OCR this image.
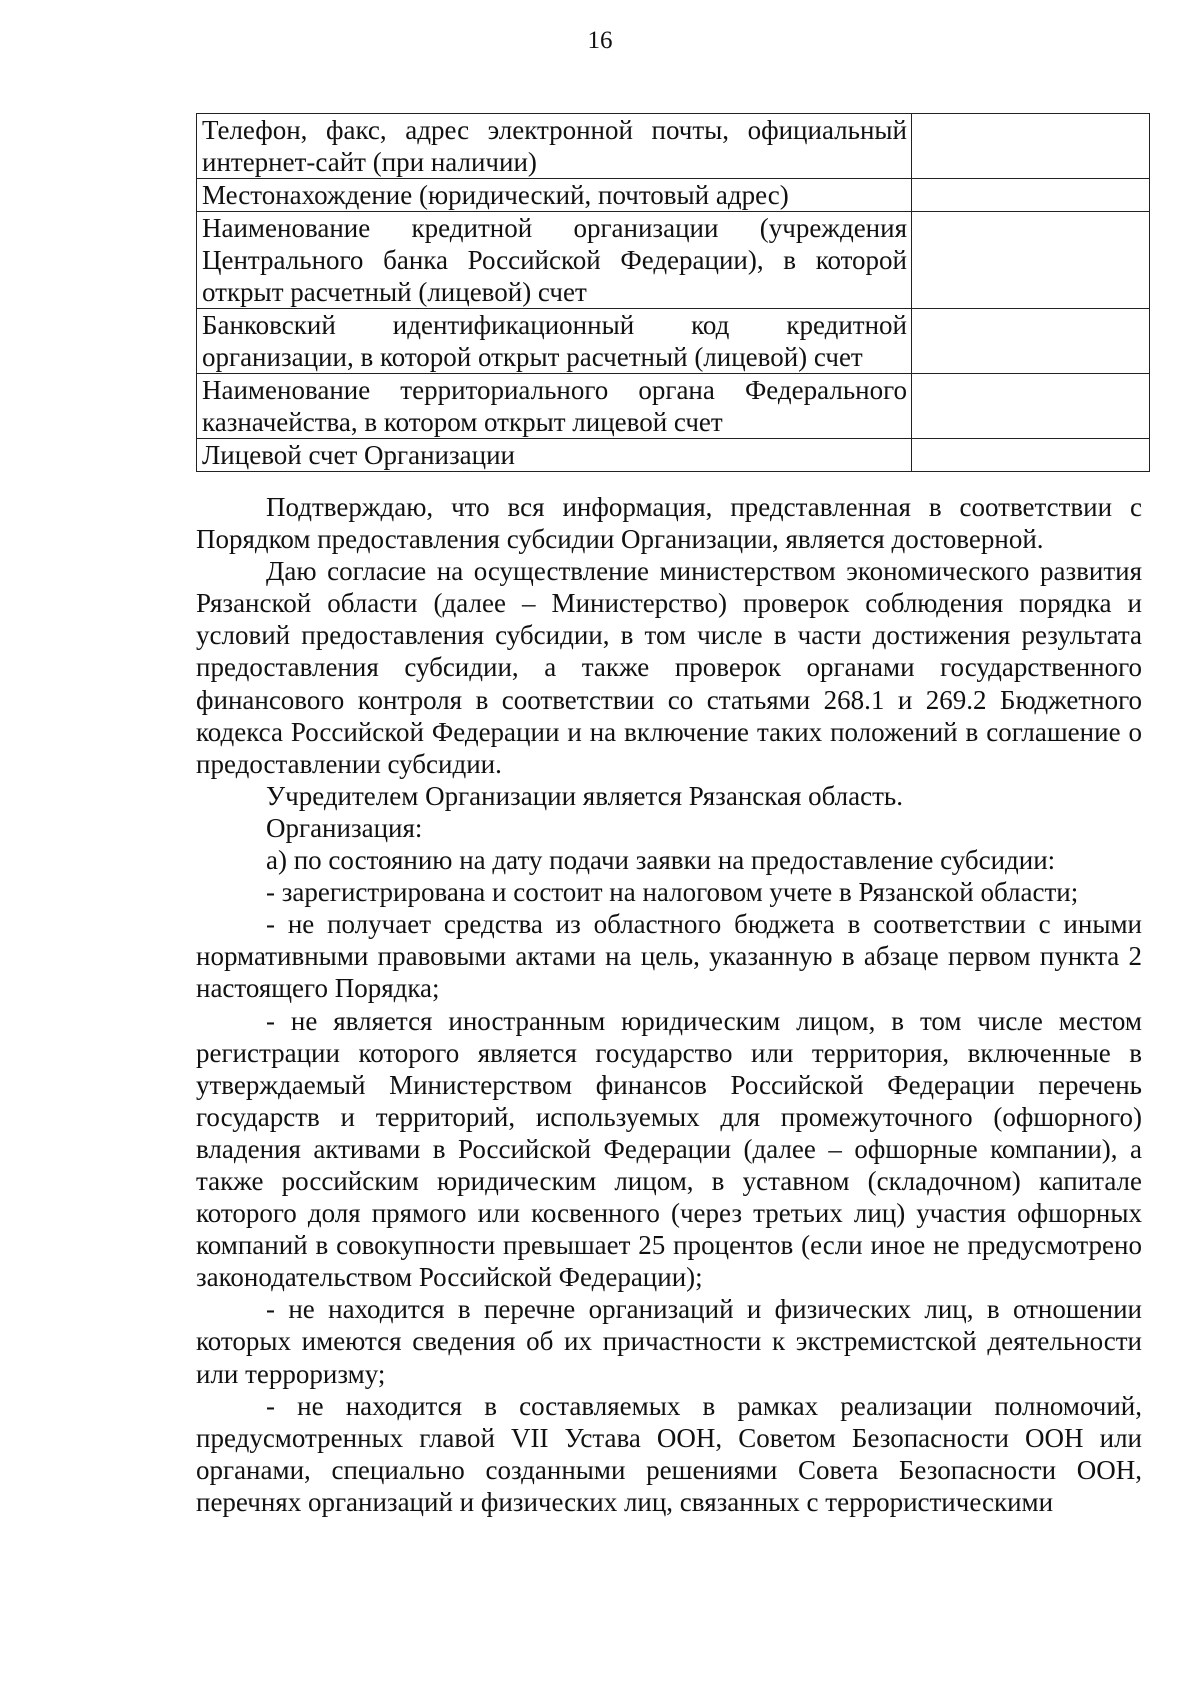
16
Телефон, факс, адрес электронной почты, официальный интернет-сайт (при наличии)	
Местонахождение (юридический, почтовый адрес)	
Наименование кредитной организации (учреждения Центрального банка Российской Федерации), в которой открыт расчетный (лицевой) счет	
Банковский идентификационный код кредитной организации, в которой открыт расчетный (лицевой) счет	
Наименование территориального органа Федерального казначейства, в котором открыт лицевой счет	
Лицевой счет Организации	

Подтверждаю, что вся информация, представленная в соответствии с Порядком предоставления субсидии Организации, является достоверной.

Даю согласие на осуществление министерством экономического развития Рязанской области (далее – Министерство) проверок соблюдения порядка и условий предоставления субсидии, в том числе в части достижения результата предоставления субсидии, а также проверок органами государственного финансового контроля в соответствии со статьями 268.1 и 269.2 Бюджетного кодекса Российской Федерации и на включение таких положений в соглашение о предоставлении субсидии.

Учредителем Организации является Рязанская область.

Организация:

а) по состоянию на дату подачи заявки на предоставление субсидии:

- зарегистрирована и состоит на налоговом учете в Рязанской области;

- не получает средства из областного бюджета в соответствии с иными нормативными правовыми актами на цель, указанную в абзаце первом пункта 2 настоящего Порядка;

- не является иностранным юридическим лицом, в том числе местом регистрации которого является государство или территория, включенные в утверждаемый Министерством финансов Российской Федерации перечень государств и территорий, используемых для промежуточного (офшорного) владения активами в Российской Федерации (далее – офшорные компании), а также российским юридическим лицом, в уставном (складочном) капитале которого доля прямого или косвенного (через третьих лиц) участия офшорных компаний в совокупности превышает 25 процентов (если иное не предусмотрено законодательством Российской Федерации);

- не находится в перечне организаций и физических лиц, в отношении которых имеются сведения об их причастности к экстремистской деятельности или терроризму;

- не находится в составляемых в рамках реализации полномочий, предусмотренных главой VII Устава ООН, Советом Безопасности ООН или органами, специально созданными решениями Совета Безопасности ООН, перечнях организаций и физических лиц, связанных с террористическими
